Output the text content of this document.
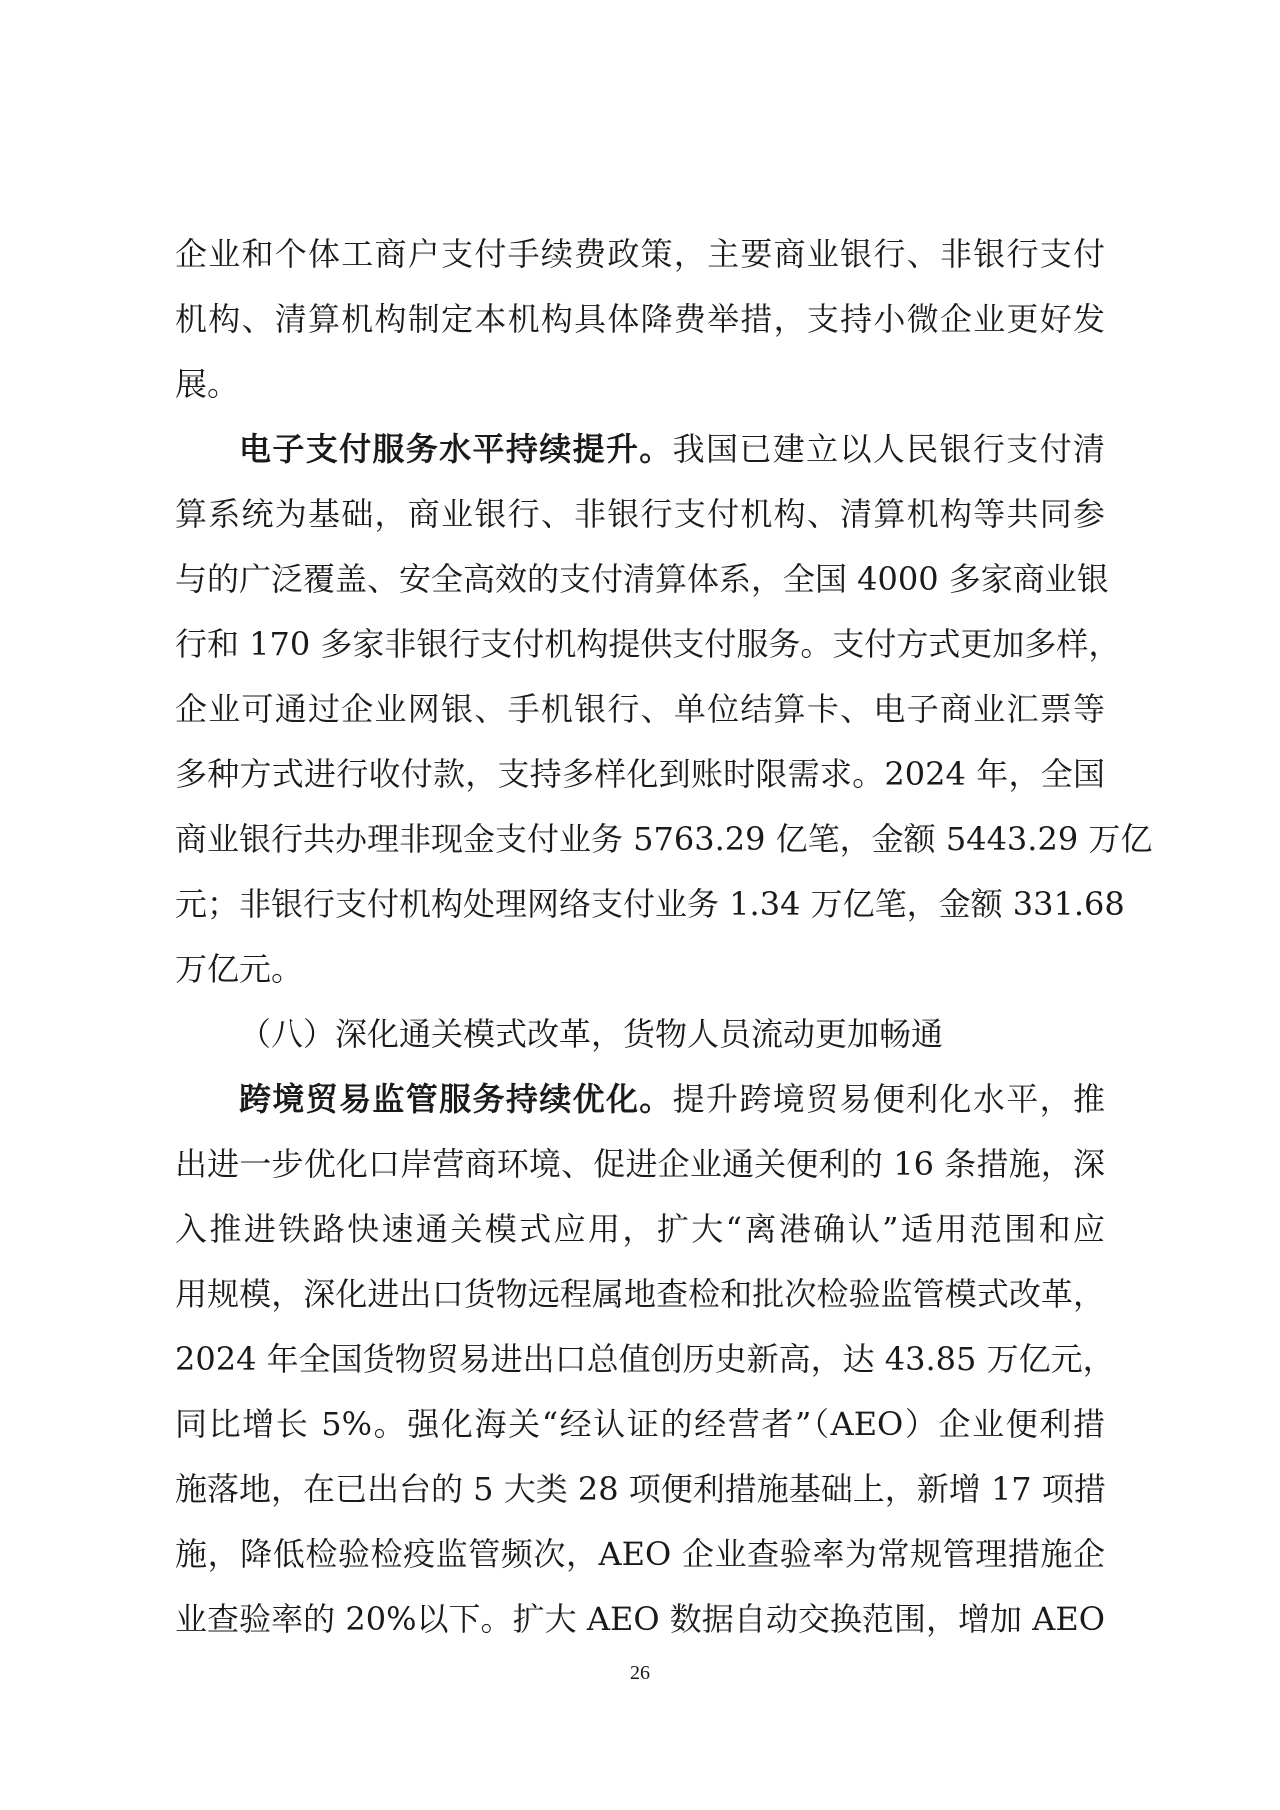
企业和个体工商户支付手续费政策，主要商业银行、非银行支付
机构、清算机构制定本机构具体降费举措，支持小微企业更好发
展。
电子支付服务水平持续提升。我国已建立以人民银行支付清
算系统为基础，商业银行、非银行支付机构、清算机构等共同参
与的广泛覆盖、安全高效的支付清算体系，全国 4000 多家商业银
行和 170 多家非银行支付机构提供支付服务。支付方式更加多样，
企业可通过企业网银、手机银行、单位结算卡、电子商业汇票等
多种方式进行收付款，支持多样化到账时限需求。2024 年，全国
商业银行共办理非现金支付业务 5763.29 亿笔，金额 5443.29 万亿
元；非银行支付机构处理网络支付业务 1.34 万亿笔，金额 331.68
万亿元。
（八）深化通关模式改革，货物人员流动更加畅通
跨境贸易监管服务持续优化。提升跨境贸易便利化水平，推
出进一步优化口岸营商环境、促进企业通关便利的 16 条措施，深
入推进铁路快速通关模式应用，扩大“离港确认”适用范围和应
用规模，深化进出口货物远程属地查检和批次检验监管模式改革，
2024 年全国货物贸易进出口总值创历史新高，达 43.85 万亿元，
同比增长 5%。强化海关“经认证的经营者”（AEO）企业便利措
施落地，在已出台的 5 大类 28 项便利措施基础上，新增 17 项措
施，降低检验检疫监管频次，AEO 企业查验率为常规管理措施企
业查验率的 20%以下。扩大 AEO 数据自动交换范围，增加 AEO
26
